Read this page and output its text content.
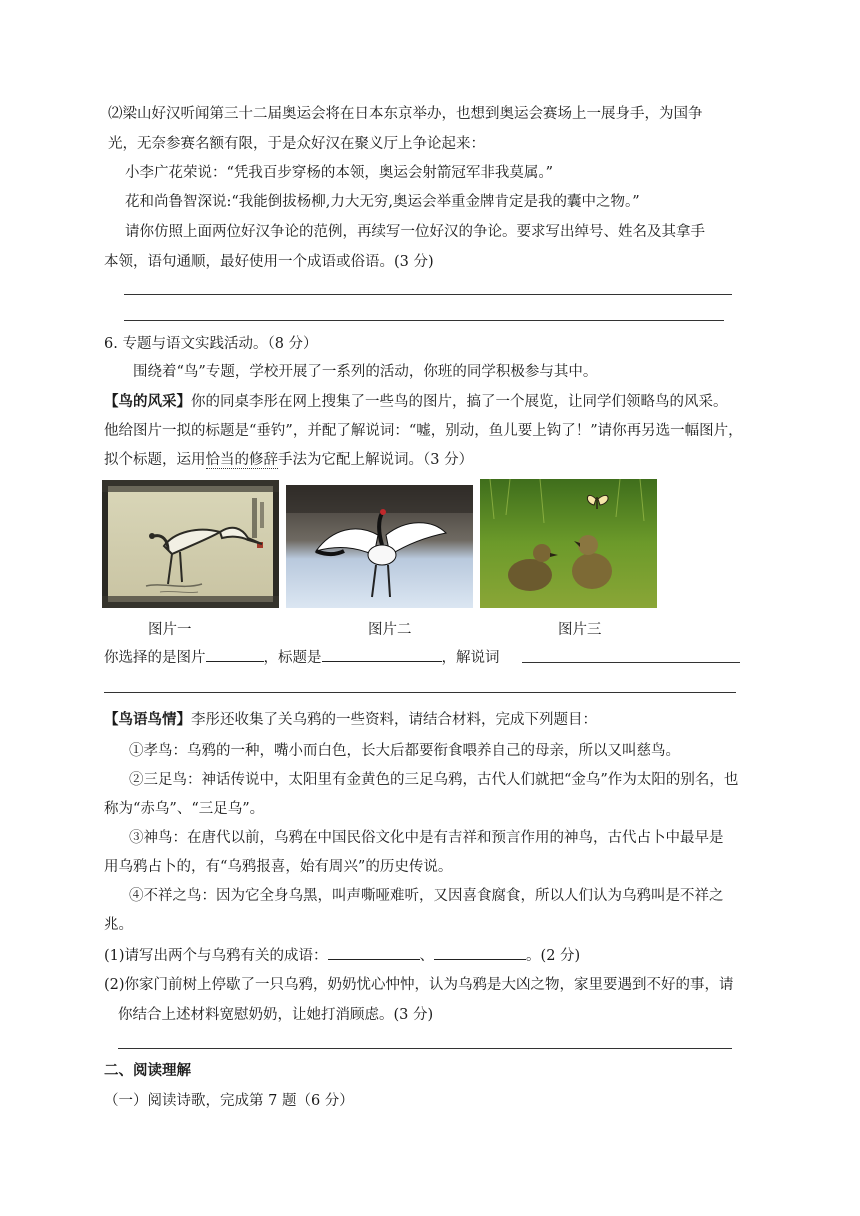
⑵梁山好汉听闻第三十二届奥运会将在日本东京举办，也想到奥运会赛场上一展身手，为国争
光，无奈参赛名额有限，于是众好汉在聚义厅上争论起来：
小李广花荣说：“凭我百步穿杨的本领，奥运会射箭冠军非我莫属。”
花和尚鲁智深说:“我能倒拔杨柳,力大无穷,奥运会举重金牌肯定是我的囊中之物。”
请你仿照上面两位好汉争论的范例，再续写一位好汉的争论。要求写出绰号、姓名及其拿手
本领，语句通顺，最好使用一个成语或俗语。(3 分)
6. 专题与语文实践活动。（8 分）
围绕着“鸟”专题，学校开展了一系列的活动，你班的同学积极参与其中。
【鸟的风采】你的同桌李彤在网上搜集了一些鸟的图片，搞了一个展览，让同学们领略鸟的风采。
他给图片一拟的标题是“垂钓”，并配了解说词：“嘘，别动，鱼儿要上钩了！”请你再另选一幅图片，
拟个标题，运用恰当的修辞手法为它配上解说词。（3 分）
图片一	图片二	图片三
你选择的是图片	，标题是	，解说词
【鸟语鸟情】李彤还收集了关乌鸦的一些资料，请结合材料，完成下列题目：
①孝鸟：乌鸦的一种，嘴小而白色，长大后都要衔食喂养自己的母亲，所以又叫慈鸟。
②三足鸟：神话传说中，太阳里有金黄色的三足乌鸦，古代人们就把“金乌”作为太阳的别名，也
称为“赤乌”、“三足乌”。
③神鸟：在唐代以前，乌鸦在中国民俗文化中是有吉祥和预言作用的神鸟，古代占卜中最早是
用乌鸦占卜的，有“乌鸦报喜，始有周兴”的历史传说。
④不祥之鸟：因为它全身乌黑，叫声嘶哑难听，又因喜食腐食，所以人们认为乌鸦叫是不祥之
兆。
(1)请写出两个与乌鸦有关的成语：	、	。(2 分)
(2)你家门前树上停歇了一只乌鸦，奶奶忧心忡忡，认为乌鸦是大凶之物，家里要遇到不好的事，请
你结合上述材料宽慰奶奶，让她打消顾虑。(3 分)
二、阅读理解
（一）阅读诗歌，完成第 7 题（6 分）
